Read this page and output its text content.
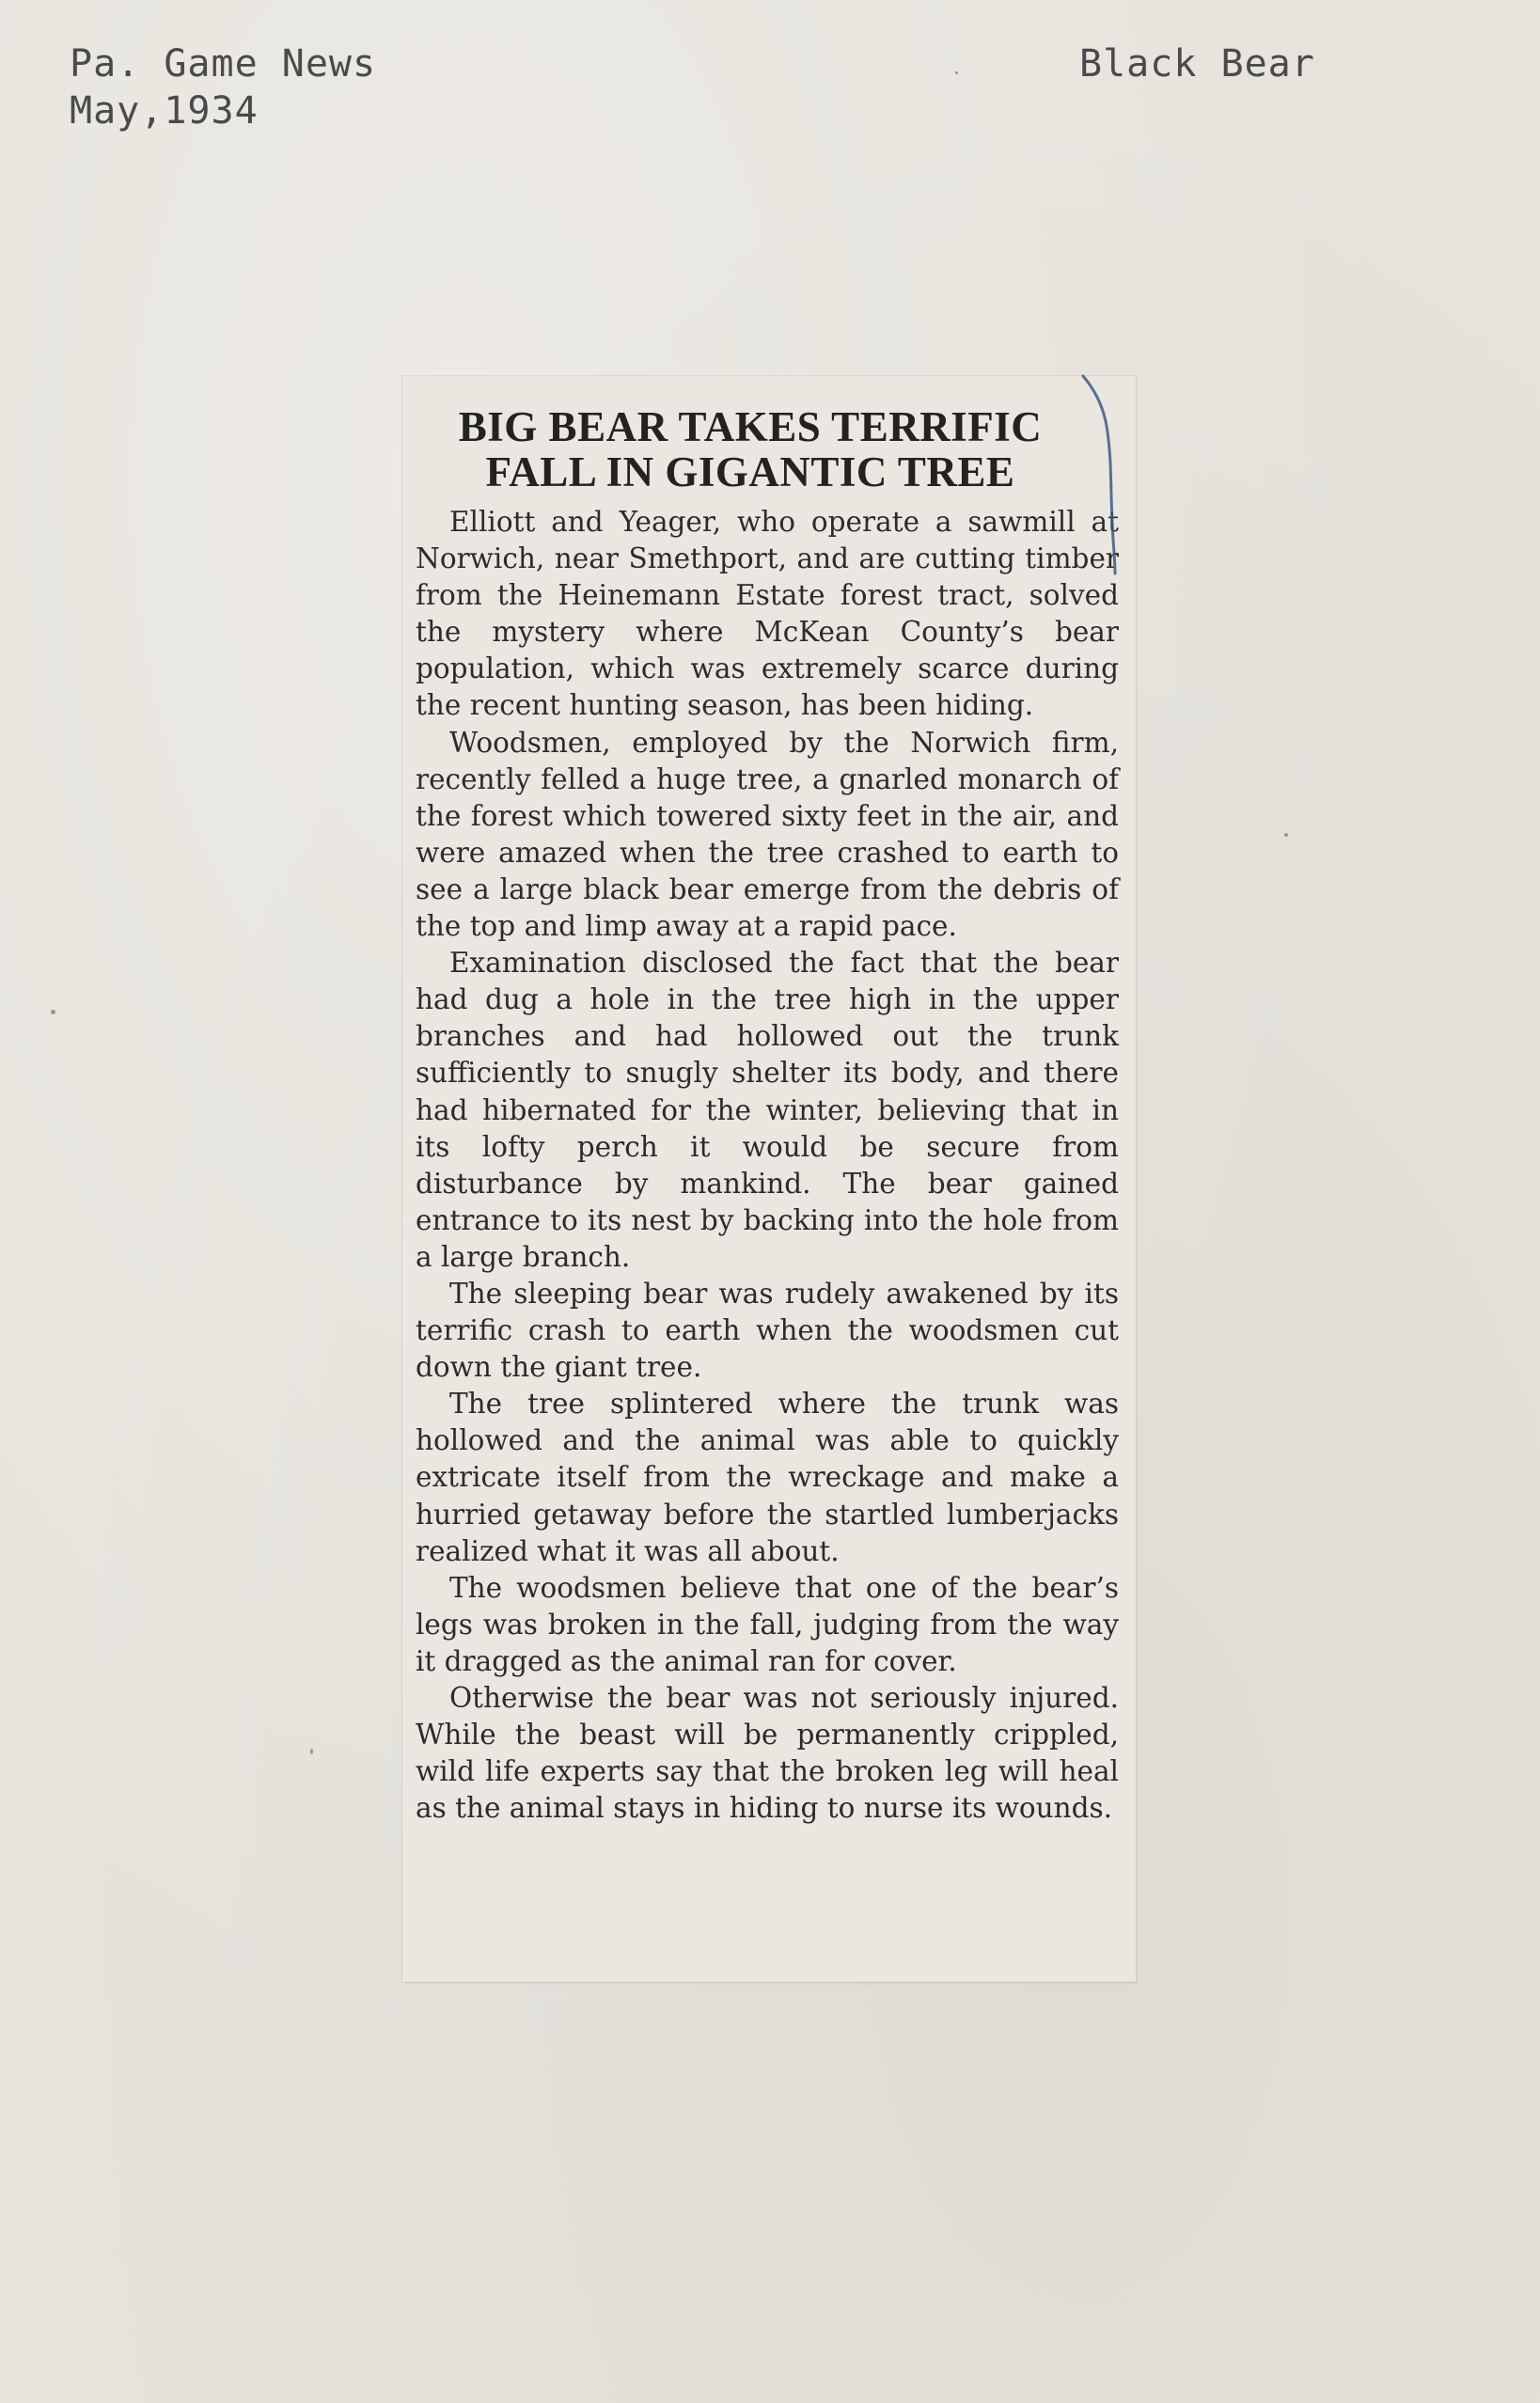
Pa. Game News
May,1934
Black Bear
BIG BEAR TAKES TERRIFIC
FALL IN GIGANTIC TREE

Elliott and Yeager, who operate a sawmill at Norwich, near Smethport, and are cutting timber from the Heinemann Estate forest tract, solved the mystery where McKean County’s bear population, which was extremely scarce during the recent hunting season, has been hiding.

Woodsmen, employed by the Norwich firm, recently felled a huge tree, a gnarled monarch of the forest which towered sixty feet in the air, and were amazed when the tree crashed to earth to see a large black bear emerge from the debris of the top and limp away at a rapid pace.

Examination disclosed the fact that the bear had dug a hole in the tree high in the upper branches and had hollowed out the trunk sufficiently to snugly shelter its body, and there had hibernated for the winter, believing that in its lofty perch it would be secure from disturbance by mankind. The bear gained entrance to its nest by backing into the hole from a large branch.

The sleeping bear was rudely awakened by its terrific crash to earth when the woodsmen cut down the giant tree.

The tree splintered where the trunk was hollowed and the animal was able to quickly extricate itself from the wreckage and make a hurried getaway before the startled lumberjacks realized what it was all about.

The woodsmen believe that one of the bear’s legs was broken in the fall, judging from the way it dragged as the animal ran for cover.

Otherwise the bear was not seriously injured. While the beast will be permanently crippled, wild life experts say that the broken leg will heal as the animal stays in hiding to nurse its wounds.
